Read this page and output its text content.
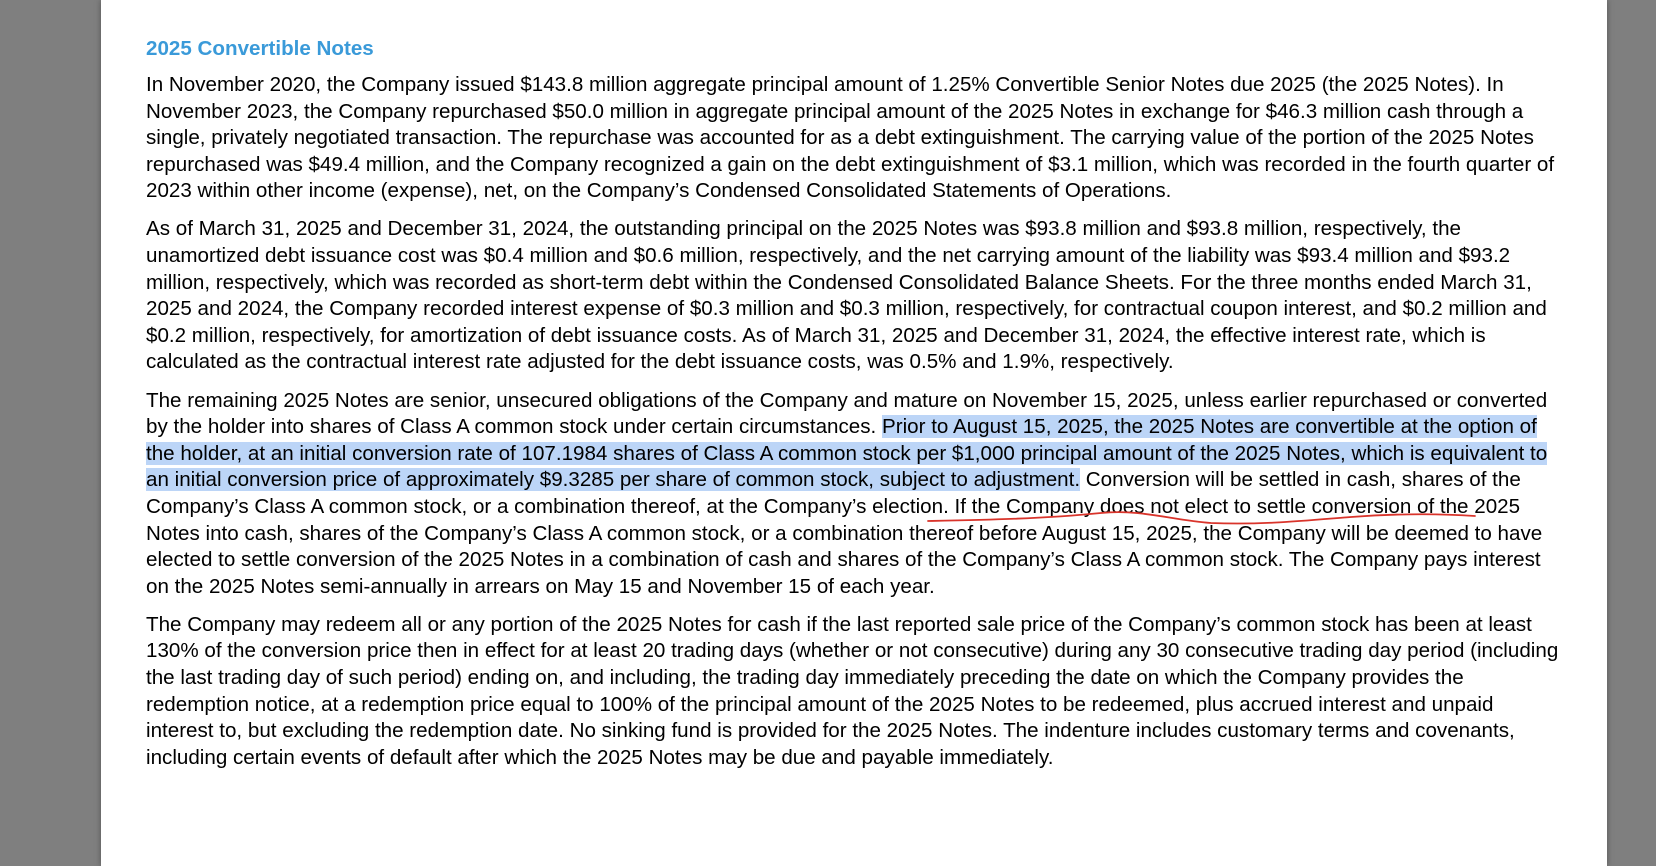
2025 Convertible Notes

In November 2020, the Company issued $143.8 million aggregate principal amount of 1.25% Convertible Senior Notes due 2025 (the 2025 Notes). In November 2023, the Company repurchased $50.0 million in aggregate principal amount of the 2025 Notes in exchange for $46.3 million cash through a single, privately negotiated transaction. The repurchase was accounted for as a debt extinguishment. The carrying value of the portion of the 2025 Notes repurchased was $49.4 million, and the Company recognized a gain on the debt extinguishment of $3.1 million, which was recorded in the fourth quarter of 2023 within other income (expense), net, on the Company’s Condensed Consolidated Statements of Operations.

As of March 31, 2025 and December 31, 2024, the outstanding principal on the 2025 Notes was $93.8 million and $93.8 million, respectively, the unamortized debt issuance cost was $0.4 million and $0.6 million, respectively, and the net carrying amount of the liability was $93.4 million and $93.2 million, respectively, which was recorded as short-term debt within the Condensed Consolidated Balance Sheets. For the three months ended March 31, 2025 and 2024, the Company recorded interest expense of $0.3 million and $0.3 million, respectively, for contractual coupon interest, and $0.2 million and $0.2 million, respectively, for amortization of debt issuance costs. As of March 31, 2025 and December 31, 2024, the effective interest rate, which is calculated as the contractual interest rate adjusted for the debt issuance costs, was 0.5% and 1.9%, respectively.

The remaining 2025 Notes are senior, unsecured obligations of the Company and mature on November 15, 2025, unless earlier repurchased or converted by the holder into shares of Class A common stock under certain circumstances. Prior to August 15, 2025, the 2025 Notes are convertible at the option of the holder, at an initial conversion rate of 107.1984 shares of Class A common stock per $1,000 principal amount of the 2025 Notes, which is equivalent to an initial conversion price of approximately $9.3285 per share of common stock, subject to adjustment. Conversion will be settled in cash, shares of the Company’s Class A common stock, or a combination thereof, at the Company’s election. If the Company does not elect to settle conversion of the 2025 Notes into cash, shares of the Company’s Class A common stock, or a combination thereof before August 15, 2025, the Company will be deemed to have elected to settle conversion of the 2025 Notes in a combination of cash and shares of the Company’s Class A common stock. The Company pays interest on the 2025 Notes semi-annually in arrears on May 15 and November 15 of each year.

The Company may redeem all or any portion of the 2025 Notes for cash if the last reported sale price of the Company’s common stock has been at least 130% of the conversion price then in effect for at least 20 trading days (whether or not consecutive) during any 30 consecutive trading day period (including the last trading day of such period) ending on, and including, the trading day immediately preceding the date on which the Company provides the redemption notice, at a redemption price equal to 100% of the principal amount of the 2025 Notes to be redeemed, plus accrued interest and unpaid interest to, but excluding the redemption date. No sinking fund is provided for the 2025 Notes. The indenture includes customary terms and covenants, including certain events of default after which the 2025 Notes may be due and payable immediately.
